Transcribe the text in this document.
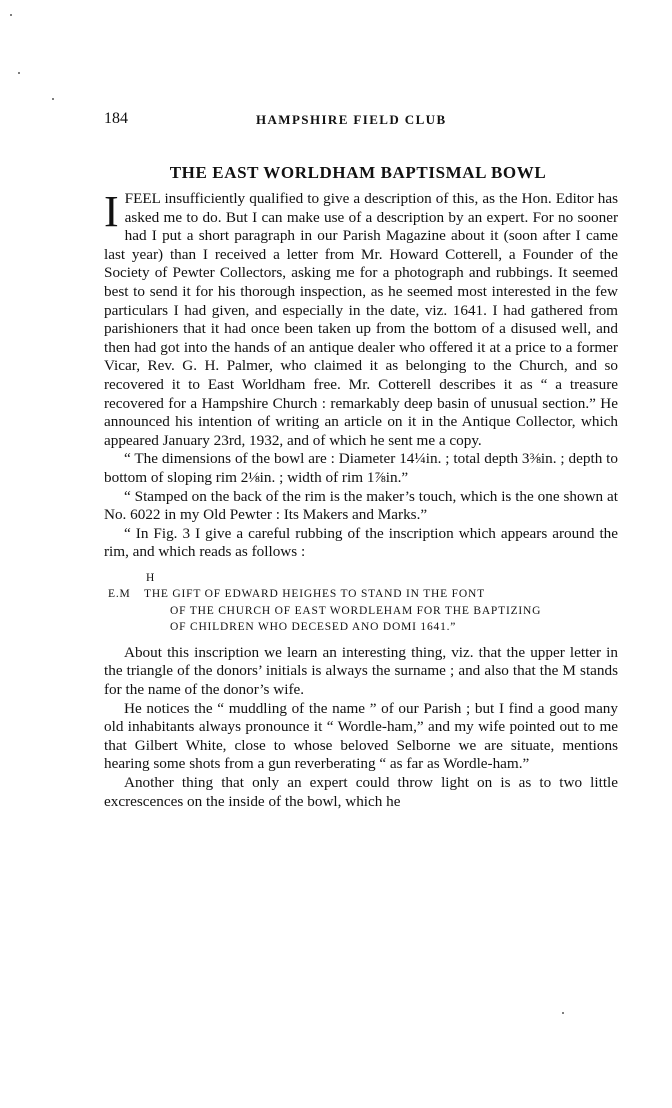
184	HAMPSHIRE FIELD CLUB
THE EAST WORLDHAM BAPTISMAL BOWL

I FEEL insufficiently qualified to give a description of this, as the Hon. Editor has asked me to do. But I can make use of a description by an expert. For no sooner had I put a short paragraph in our Parish Magazine about it (soon after I came last year) than I received a letter from Mr. Howard Cotterell, a Founder of the Society of Pewter Collectors, asking me for a photograph and rubbings. It seemed best to send it for his thorough inspection, as he seemed most interested in the few particulars I had given, and especially in the date, viz. 1641. I had gathered from parishioners that it had once been taken up from the bottom of a disused well, and then had got into the hands of an antique dealer who offered it at a price to a former Vicar, Rev. G. H. Palmer, who claimed it as belonging to the Church, and so recovered it to East Worldham free. Mr. Cotterell describes it as “ a treasure recovered for a Hampshire Church : remarkably deep basin of unusual section.” He announced his intention of writing an article on it in the Antique Collector, which appeared January 23rd, 1932, and of which he sent me a copy.

“ The dimensions of the bowl are : Diameter 14¼in. ; total depth 3⅜in. ; depth to bottom of sloping rim 2⅛in. ; width of rim 1⅞in.”

“ Stamped on the back of the rim is the maker’s touch, which is the one shown at No. 6022 in my Old Pewter : Its Makers and Marks.”

“ In Fig. 3 I give a careful rubbing of the inscription which appears around the rim, and which reads as follows :

H
E.M	THE GIFT OF EDWARD HEIGHES TO STAND IN THE FONT
OF THE CHURCH OF EAST WORDLEHAM FOR THE BAPTIZING
OF CHILDREN WHO DECESED ANO DOMI 1641.”

About this inscription we learn an interesting thing, viz. that the upper letter in the triangle of the donors’ initials is always the surname ; and also that the M stands for the name of the donor’s wife.

He notices the “ muddling of the name ” of our Parish ; but I find a good many old inhabitants always pronounce it “ Wordle-ham,” and my wife pointed out to me that Gilbert White, close to whose beloved Selborne we are situate, mentions hearing some shots from a gun reverberating “ as far as Wordle-ham.”

Another thing that only an expert could throw light on is as to two little excrescences on the inside of the bowl, which he
